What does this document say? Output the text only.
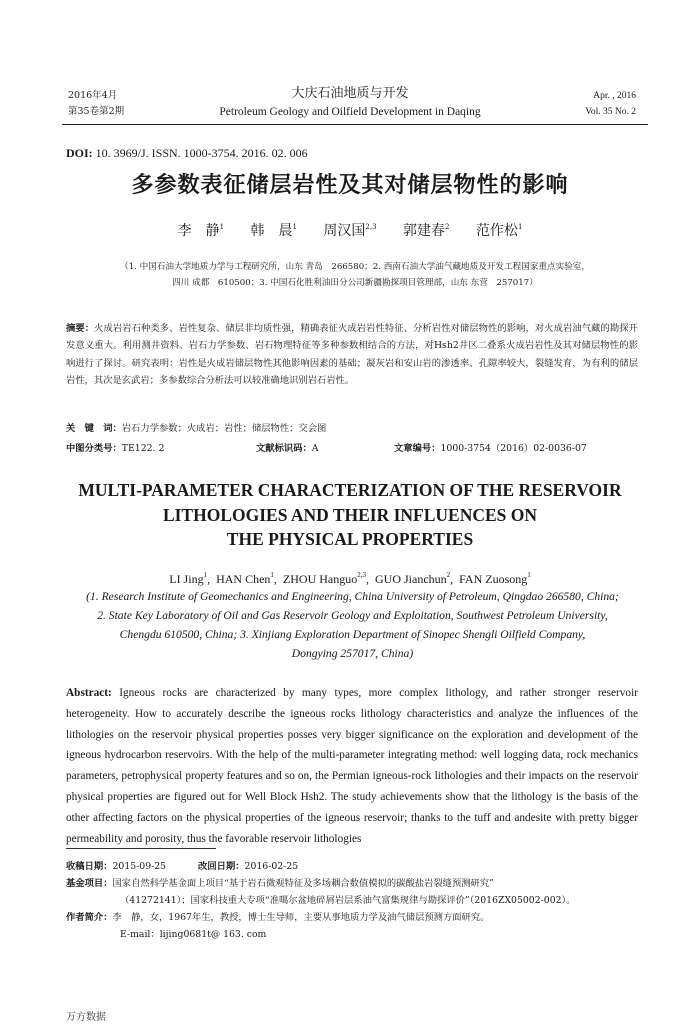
2016年4月
第35卷第2期
大庆石油地质与开发
Petroleum Geology and Oilfield Development in Daqing
Apr. , 2016
Vol. 35 No. 2
DOI: 10. 3969/J. ISSN. 1000-3754. 2016. 02. 006
多参数表征储层岩性及其对储层物性的影响
李　静$^1$ 韩　晨$^1$ 周汉国$^{2,3}$ 郭建春$^2$ 范作松$^1$
（1. 中国石油大学地质力学与工程研究所，山东 青岛　266580；2. 西南石油大学油气藏地质及开发工程国家重点实验室，
四川 成都　610500；3. 中国石化胜利油田分公司新疆勘探项目管理部，山东 东营　257017）
摘要：火成岩岩石种类多、岩性复杂、储层非均质性强，精确表征火成岩岩性特征、分析岩性对储层物性的影响，对火成岩油气藏的勘探开发意义重大。利用测井资料、岩石力学参数、岩石物理特征等多种参数相结合的方法，对Hsh2井区二叠系火成岩岩性及其对储层物性的影响进行了探讨。研究表明：岩性是火成岩储层物性其他影响因素的基础；凝灰岩和安山岩的渗透率、孔隙率较大，裂缝发育，为有利的储层岩性，其次是玄武岩；多参数综合分析法可以较准确地识别岩石岩性。
关　键　词：岩石力学参数；火成岩；岩性；储层物性；交会图
中图分类号：TE122. 2	文献标识码：A	文章编号：1000-3754（2016）02-0036-07
MULTI-PARAMETER CHARACTERIZATION OF THE RESERVOIR
LITHOLOGIES AND THEIR INFLUENCES ON
THE PHYSICAL PROPERTIES
LI Jing$^1$,  HAN Chen$^1$,  ZHOU Hanguo$^{2,3}$,  GUO Jianchun$^2$,  FAN Zuosong$^1$
(1. Research Institute of Geomechanics and Engineering, China University of Petroleum, Qingdao 266580, China;
2. State Key Laboratory of Oil and Gas Reservoir Geology and Exploitation, Southwest Petroleum University,
Chengdu 610500, China; 3. Xinjiang Exploration Department of Sinopec Shengli Oilfield Company,
Dongying 257017, China)
Abstract: Igneous rocks are characterized by many types, more complex lithology, and rather stronger reservoir heterogeneity. How to accurately describe the igneous rocks lithology characteristics and analyze the influences of the lithologies on the reservoir physical properties posses very bigger significance on the exploration and development of the igneous hydrocarbon reservoirs. With the help of the multi-parameter integrating method: well logging data, rock mechanics parameters, petrophysical property features and so on, the Permian igneous-rock lithologies and their impacts on the reservoir physical properties are figured out for Well Block Hsh2. The study achievements show that the lithology is the basis of the other affecting factors on the physical properties of the igneous reservoir; thanks to the tuff and andesite with pretty bigger permeability and porosity, thus the favorable reservoir lithologies
收稿日期：2015-09-25	改回日期：2016-02-25
基金项目：国家自然科学基金面上项目“基于岩石微观特征及多场耦合数值模拟的碳酸盐岩裂缝预测研究”
（41272141）；国家科技重大专项“准噶尔盆地碎屑岩层系油气富集规律与勘探评价”（2016ZX05002-002）。
作者简介：李　静，女，1967年生，教授，博士生导师，主要从事地质力学及油气储层预测方面研究。
E-mail：lijing0681t@ 163. com
万方数据
